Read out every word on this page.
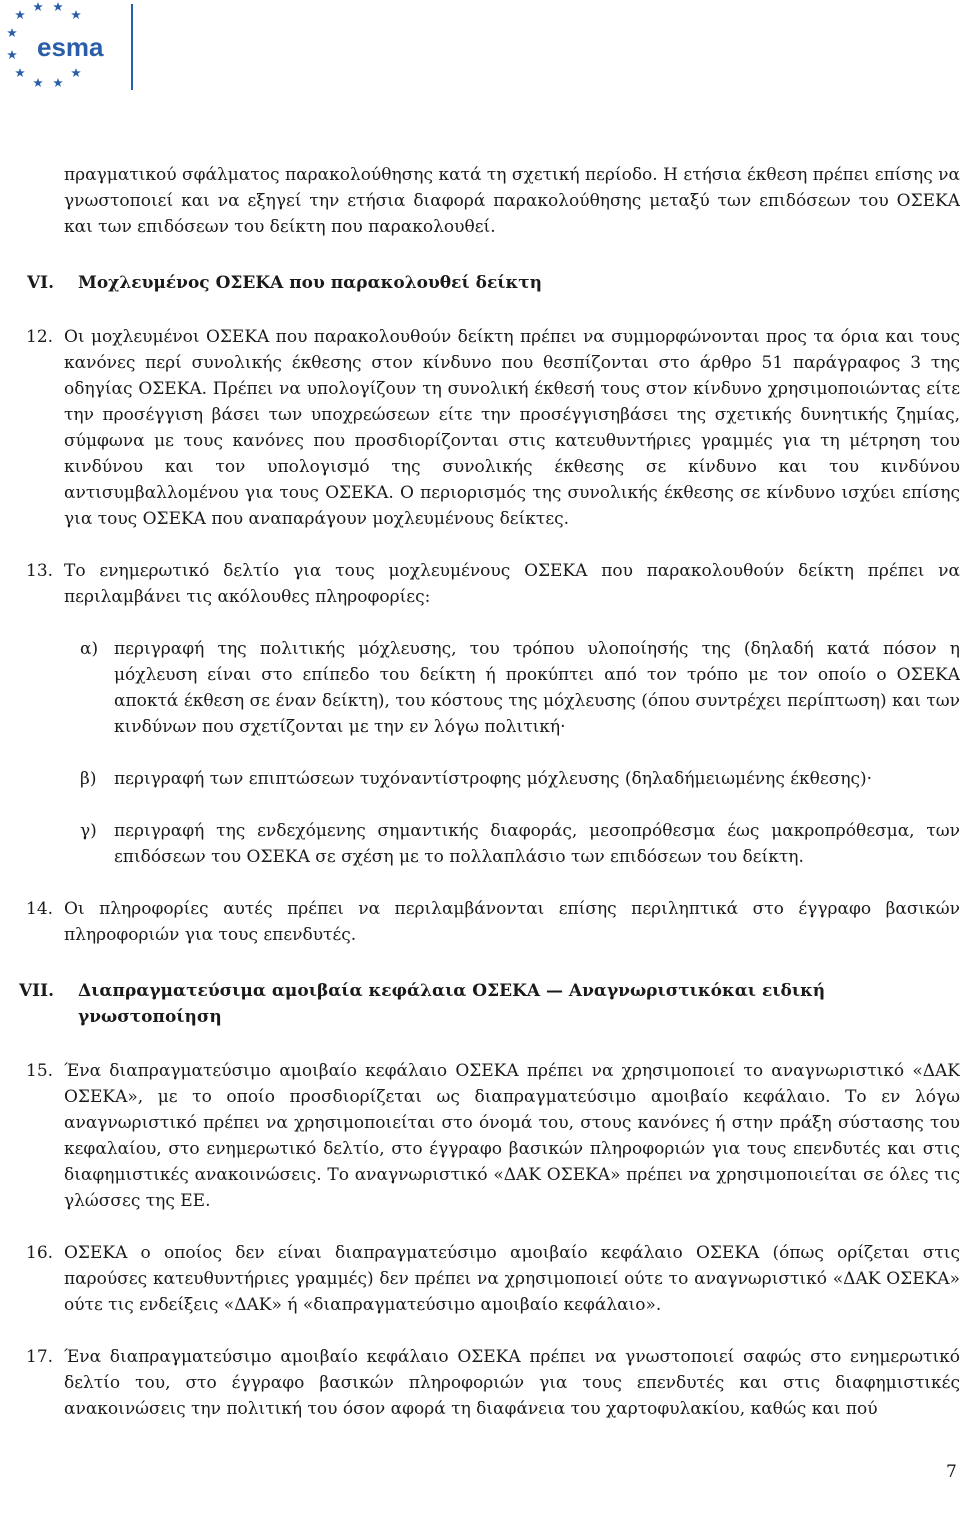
esma

πραγματικού σφάλματος παρακολούθησης κατά τη σχετική περίοδο. Η ετήσια έκθεση πρέπει επίσης να γνωστοποιεί και να εξηγεί την ετήσια διαφορά παρακολούθησης μεταξύ των επιδόσεων του ΟΣΕΚΑ και των επιδόσεων του δείκτη που παρακολουθεί.

VI. Μοχλευμένος ΟΣΕΚΑ που παρακολουθεί δείκτη
12. Οι μοχλευμένοι ΟΣΕΚΑ που παρακολουθούν δείκτη πρέπει να συμμορφώνονται προς τα όρια και τους κανόνες περί συνολικής έκθεσης στον κίνδυνο που θεσπίζονται στο άρθρο 51 παράγραφος 3 της οδηγίας ΟΣΕΚΑ. Πρέπει να υπολογίζουν τη συνολική έκθεσή τους στον κίνδυνο χρησιμοποιώντας είτε την προσέγγιση βάσει των υποχρεώσεων είτε την προσέγγισηβάσει της σχετικής δυνητικής ζημίας, σύμφωνα με τους κανόνες που προσδιορίζονται στις κατευθυντήριες γραμμές για τη μέτρηση του κινδύνου και τον υπολογισμό της συνολικής έκθεσης σε κίνδυνο και του κινδύνου αντισυμβαλλομένου για τους ΟΣΕΚΑ. Ο περιορισμός της συνολικής έκθεσης σε κίνδυνο ισχύει επίσης για τους ΟΣΕΚΑ που αναπαράγουν μοχλευμένους δείκτες.

13. Το ενημερωτικό δελτίο για τους μοχλευμένους ΟΣΕΚΑ που παρακολουθούν δείκτη πρέπει να περιλαμβάνει τις ακόλουθες πληροφορίες:

α) περιγραφή της πολιτικής μόχλευσης, του τρόπου υλοποίησής της (δηλαδή κατά πόσον η μόχλευση είναι στο επίπεδο του δείκτη ή προκύπτει από τον τρόπο με τον οποίο ο ΟΣΕΚΑ αποκτά έκθεση σε έναν δείκτη), του κόστους της μόχλευσης (όπου συντρέχει περίπτωση) και των κινδύνων που σχετίζονται με την εν λόγω πολιτική·

β) περιγραφή των επιπτώσεων τυχόναντίστροφης μόχλευσης (δηλαδήμειωμένης έκθεσης)·

γ) περιγραφή της ενδεχόμενης σημαντικής διαφοράς, μεσοπρόθεσμα έως μακροπρόθεσμα, των επιδόσεων του ΟΣΕΚΑ σε σχέση με το πολλαπλάσιο των επιδόσεων του δείκτη.

14. Οι πληροφορίες αυτές πρέπει να περιλαμβάνονται επίσης περιληπτικά στο έγγραφο βασικών πληροφοριών για τους επενδυτές.

VII. Διαπραγματεύσιμα αμοιβαία κεφάλαια ΟΣΕΚΑ — Αναγνωριστικόκαι ειδική γνωστοποίηση
15. Ένα διαπραγματεύσιμο αμοιβαίο κεφάλαιο ΟΣΕΚΑ πρέπει να χρησιμοποιεί το αναγνωριστικό «ΔΑΚ ΟΣΕΚΑ», με το οποίο προσδιορίζεται ως διαπραγματεύσιμο αμοιβαίο κεφάλαιο. Το εν λόγω αναγνωριστικό πρέπει να χρησιμοποιείται στο όνομά του, στους κανόνες ή στην πράξη σύστασης του κεφαλαίου, στο ενημερωτικό δελτίο, στο έγγραφο βασικών πληροφοριών για τους επενδυτές και στις διαφημιστικές ανακοινώσεις. Το αναγνωριστικό «ΔΑΚ ΟΣΕΚΑ» πρέπει να χρησιμοποιείται σε όλες τις γλώσσες της ΕΕ.

16. ΟΣΕΚΑ ο οποίος δεν είναι διαπραγματεύσιμο αμοιβαίο κεφάλαιο ΟΣΕΚΑ (όπως ορίζεται στις παρούσες κατευθυντήριες γραμμές) δεν πρέπει να χρησιμοποιεί ούτε το αναγνωριστικό «ΔΑΚ ΟΣΕΚΑ» ούτε τις ενδείξεις «ΔΑΚ» ή «διαπραγματεύσιμο αμοιβαίο κεφάλαιο».

17. Ένα διαπραγματεύσιμο αμοιβαίο κεφάλαιο ΟΣΕΚΑ πρέπει να γνωστοποιεί σαφώς στο ενημερωτικό δελτίο του, στο έγγραφο βασικών πληροφοριών για τους επενδυτές και στις διαφημιστικές ανακοινώσεις την πολιτική του όσον αφορά τη διαφάνεια του χαρτοφυλακίου, καθώς και πού

7
